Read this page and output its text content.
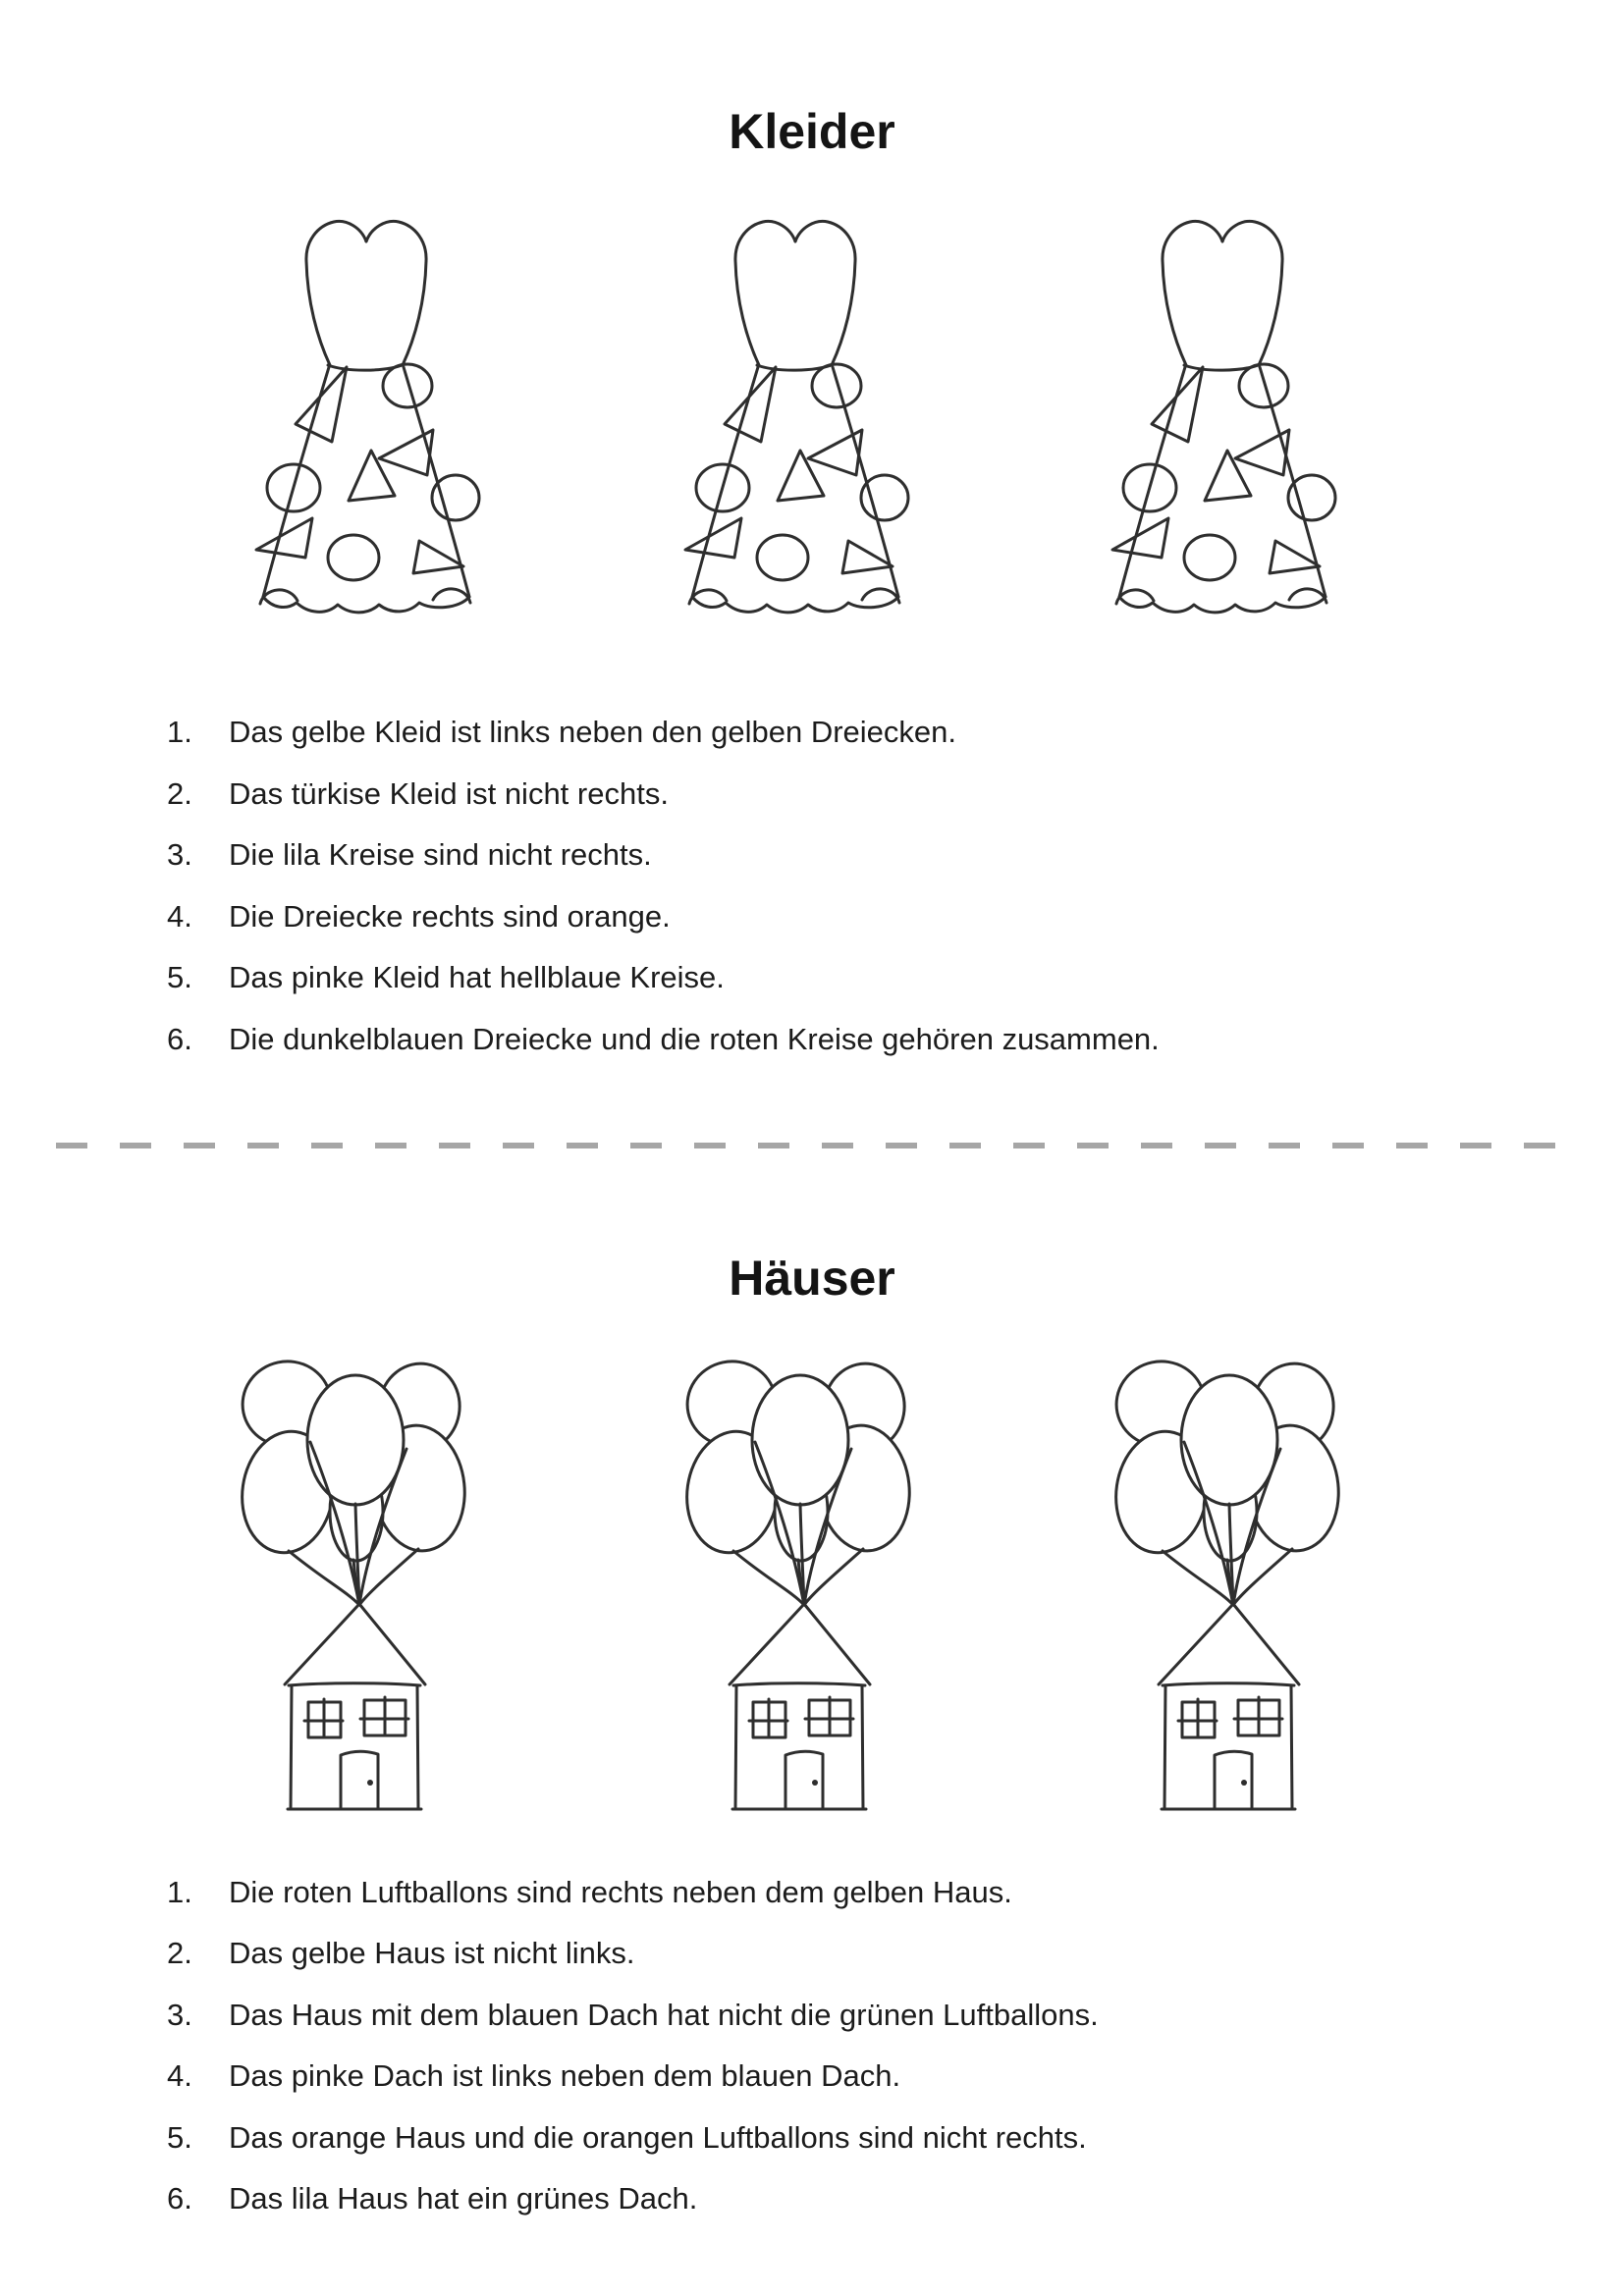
Kleider
1. Das gelbe Kleid ist links neben den gelben Dreiecken.
2. Das türkise Kleid ist nicht rechts.
3. Die lila Kreise sind nicht rechts.
4. Die Dreiecke rechts sind orange.
5. Das pinke Kleid hat hellblaue Kreise.
6. Die dunkelblauen Dreiecke und die roten Kreise gehören zusammen.
Häuser
1. Die roten Luftballons sind rechts neben dem gelben Haus.
2. Das gelbe Haus ist nicht links.
3. Das Haus mit dem blauen Dach hat nicht die grünen Luftballons.
4. Das pinke Dach ist links neben dem blauen Dach.
5. Das orange Haus und die orangen Luftballons sind nicht rechts.
6. Das lila Haus hat ein grünes Dach.
